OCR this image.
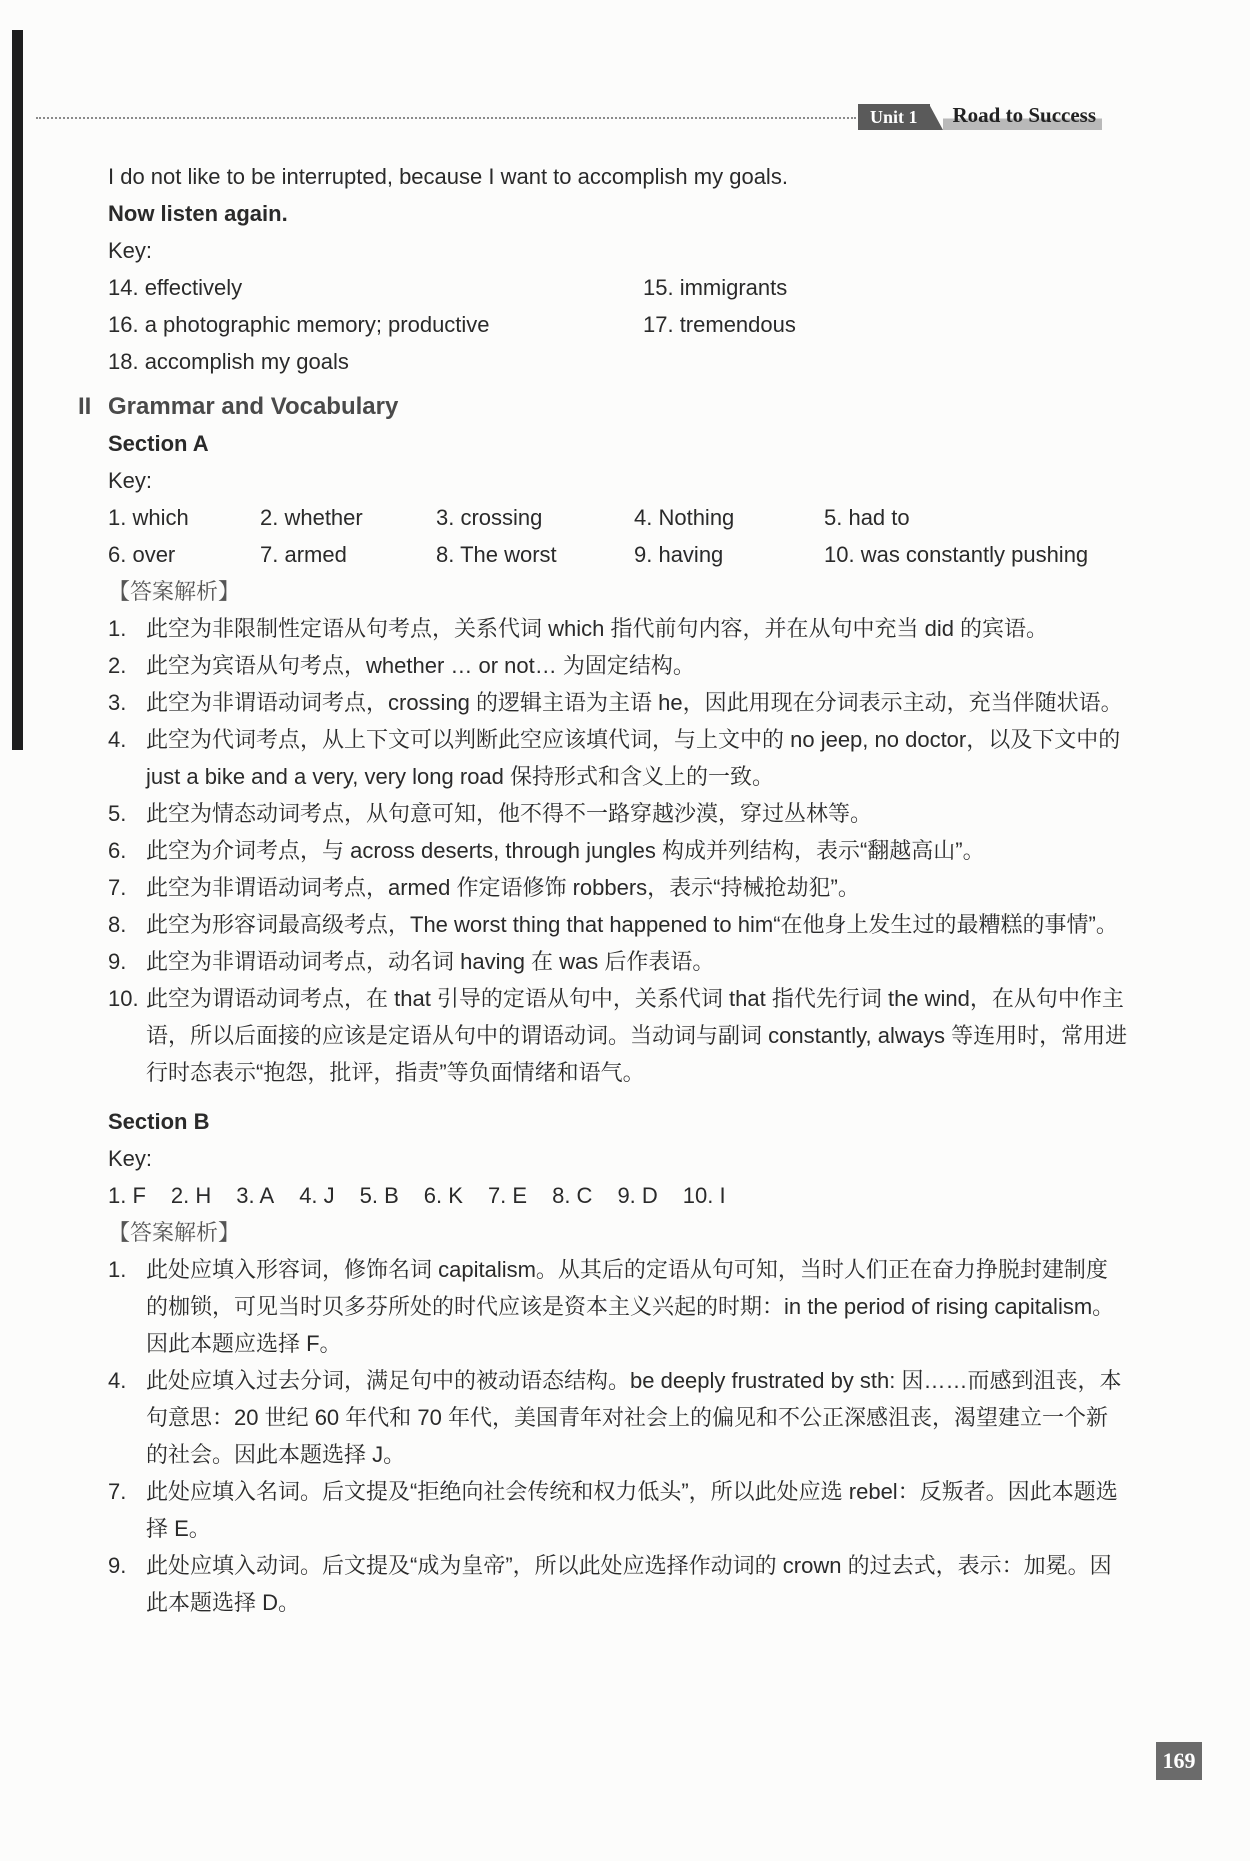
Unit 1	Road to Success

I do not like to be interrupted, because I want to accomplish my goals.

Now listen again.

Key:

14. effectively	15. immigrants
16. a photographic memory; productive	17. tremendous
18. accomplish my goals
II Grammar and Vocabulary

Section A

Key:

1. which	2. whether	3. crossing	4. Nothing	5. had to
6. over	7. armed	8. The worst	9. having	10. was constantly pushing

【答案解析】

1. 此空为非限制性定语从句考点，关系代词 which 指代前句内容，并在从句中充当 did 的宾语。
2. 此空为宾语从句考点，whether … or not… 为固定结构。
3. 此空为非谓语动词考点，crossing 的逻辑主语为主语 he，因此用现在分词表示主动，充当伴随状语。
4. 此空为代词考点，从上下文可以判断此空应该填代词，与上文中的 no jeep, no doctor，以及下文中的 just a bike and a very, very long road 保持形式和含义上的一致。
5. 此空为情态动词考点，从句意可知，他不得不一路穿越沙漠，穿过丛林等。
6. 此空为介词考点，与 across deserts, through jungles 构成并列结构，表示“翻越高山”。
7. 此空为非谓语动词考点，armed 作定语修饰 robbers，表示“持械抢劫犯”。
8. 此空为形容词最高级考点，The worst thing that happened to him“在他身上发生过的最糟糕的事情”。
9. 此空为非谓语动词考点，动名词 having 在 was 后作表语。
10. 此空为谓语动词考点，在 that 引导的定语从句中，关系代词 that 指代先行词 the wind，在从句中作主语，所以后面接的应该是定语从句中的谓语动词。当动词与副词 constantly, always 等连用时，常用进行时态表示“抱怨，批评，指责”等负面情绪和语气。

Section B

Key:

1. F 2. H 3. A 4. J 5. B 6. K 7. E 8. C 9. D 10. I

【答案解析】

1. 此处应填入形容词，修饰名词 capitalism。从其后的定语从句可知，当时人们正在奋力挣脱封建制度的枷锁，可见当时贝多芬所处的时代应该是资本主义兴起的时期：in the period of rising capitalism。因此本题应选择 F。
4. 此处应填入过去分词，满足句中的被动语态结构。be deeply frustrated by sth: 因……而感到沮丧，本句意思：20 世纪 60 年代和 70 年代，美国青年对社会上的偏见和不公正深感沮丧，渴望建立一个新的社会。因此本题选择 J。
7. 此处应填入名词。后文提及“拒绝向社会传统和权力低头”，所以此处应选 rebel：反叛者。因此本题选择 E。
9. 此处应填入动词。后文提及“成为皇帝”，所以此处应选择作动词的 crown 的过去式，表示：加冕。因此本题选择 D。
169
